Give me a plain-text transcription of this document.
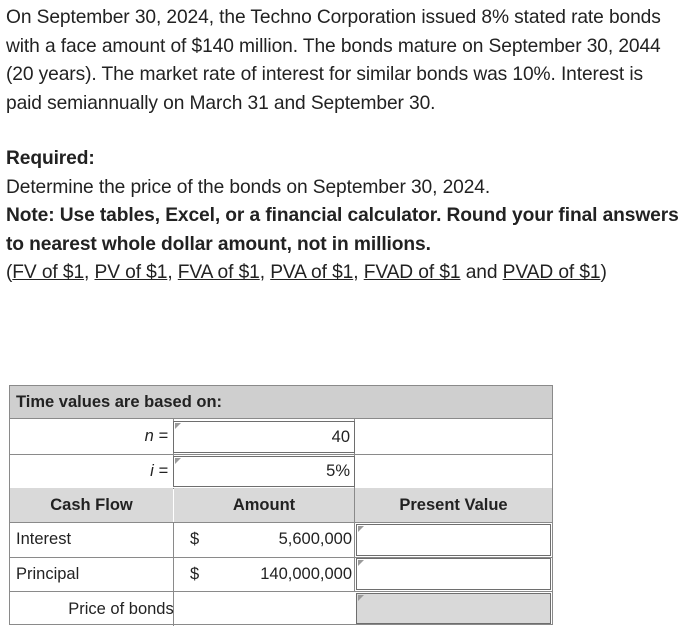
On September 30, 2024, the Techno Corporation issued 8% stated rate bonds with a face amount of $140 million. The bonds mature on September 30, 2044 (20 years). The market rate of interest for similar bonds was 10%. Interest is paid semiannually on March 31 and September 30.

Required:

Determine the price of the bonds on September 30, 2024.

Note: Use tables, Excel, or a financial calculator. Round your final answers to nearest whole dollar amount, not in millions.

(FV of $1, PV of $1, FVA of $1, PVA of $1, FVAD of $1 and PVAD of $1)

Time values are based on:
n =	40
i =	5%
Cash Flow	Amount	Present Value
Interest	$	5,600,000
Principal	$	140,000,000
Price of bonds
